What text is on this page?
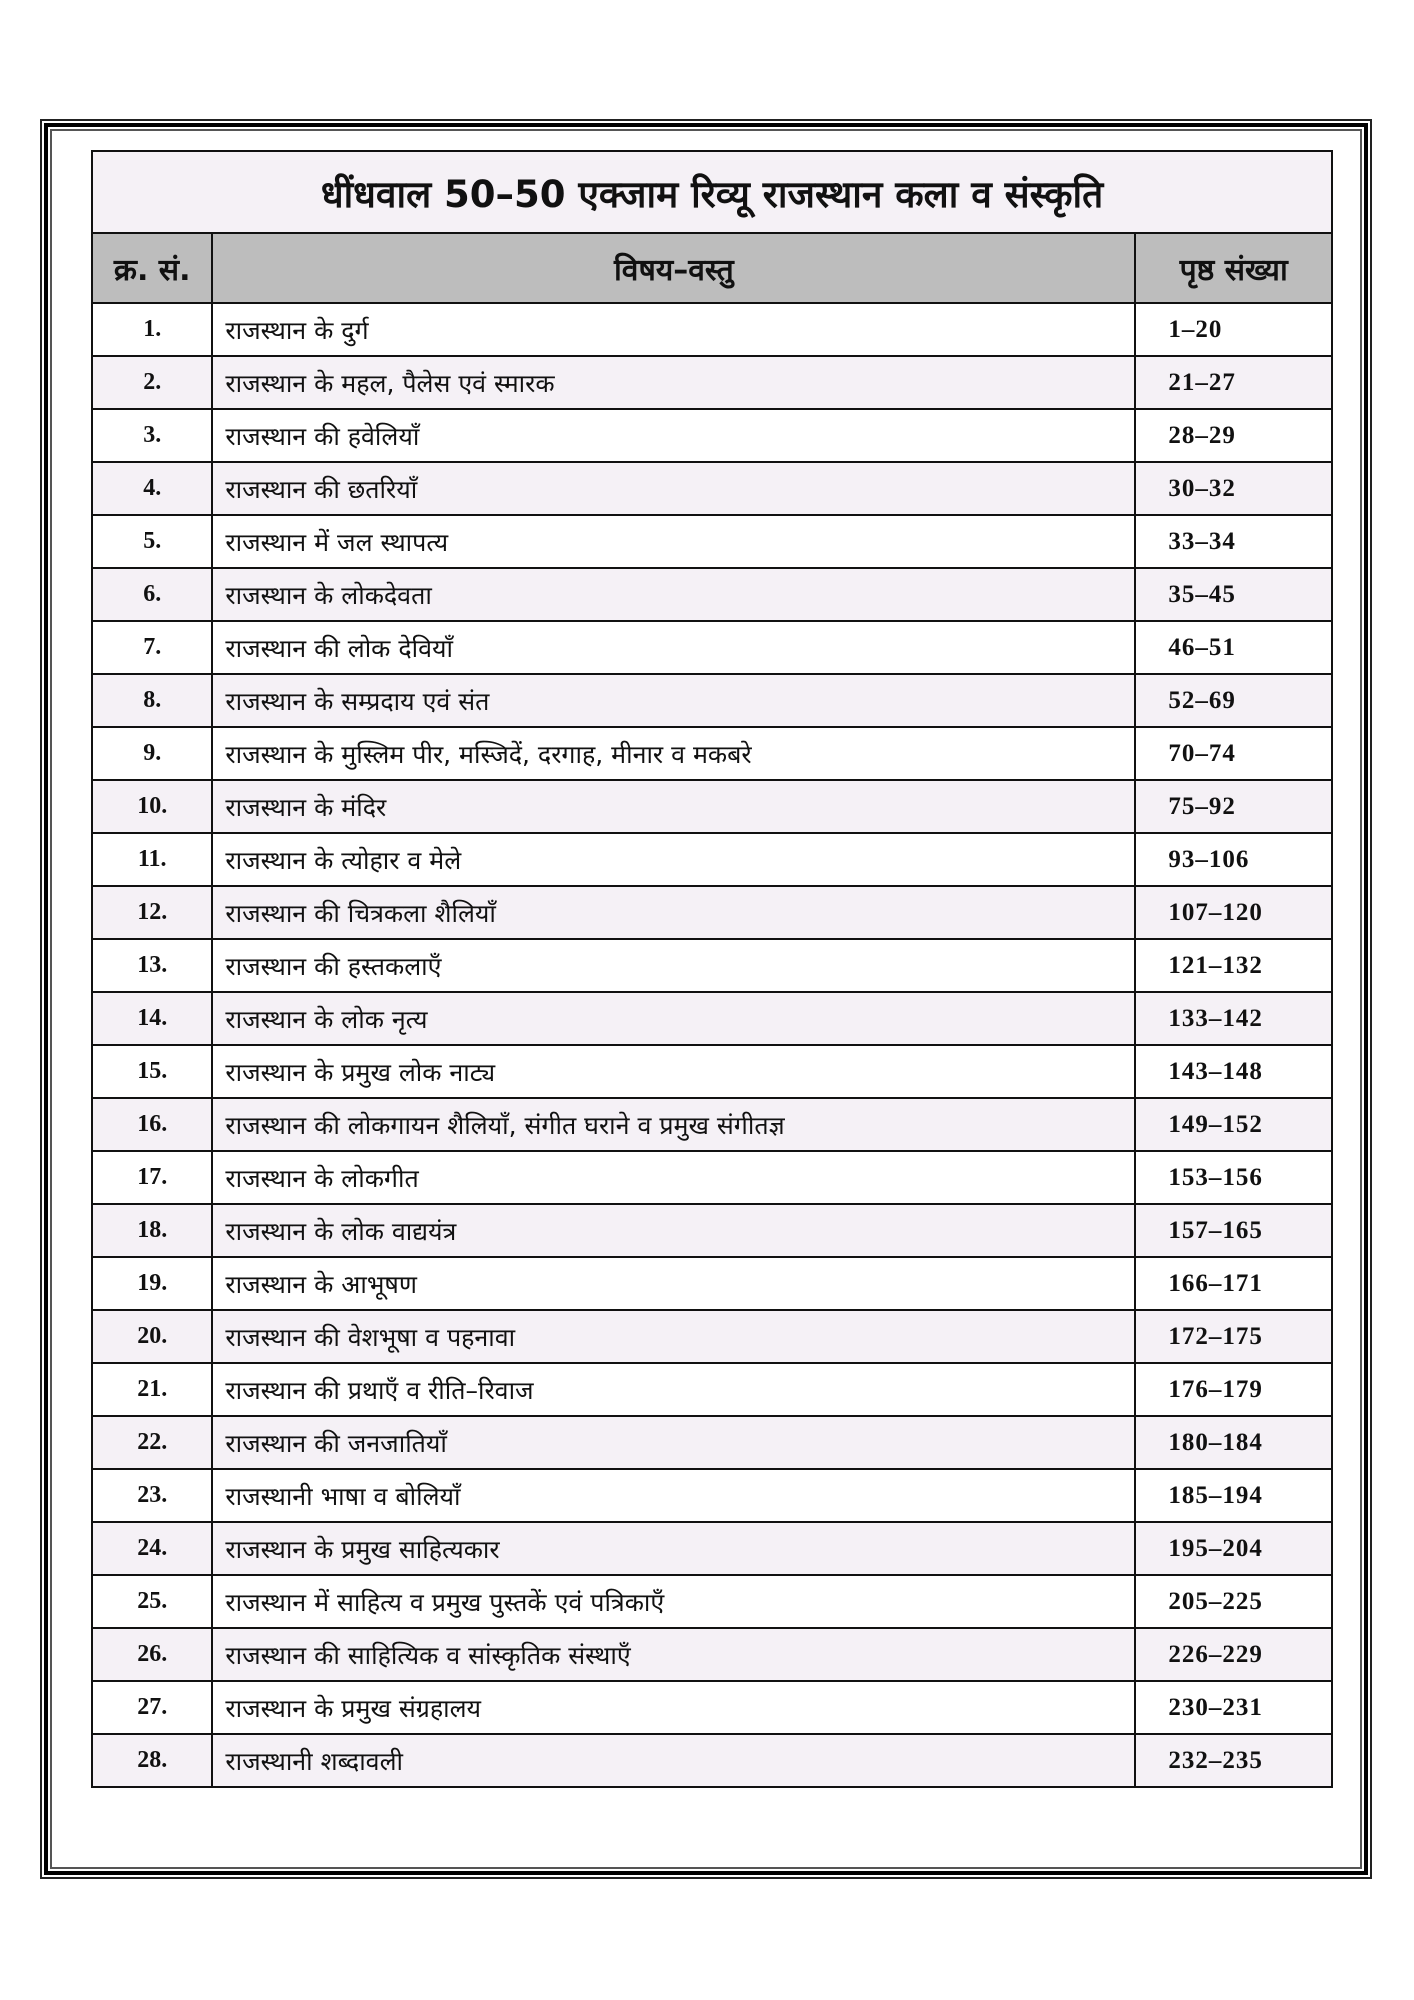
धींधवाल 50–50 एक्जाम रिव्यू राजस्थान कला व संस्कृति		
क्र. सं.	विषय–वस्तु	पृष्ठ संख्या
1.	राजस्थान के दुर्ग	1–20
2.	राजस्थान के महल, पैलेस एवं स्मारक	21–27
3.	राजस्थान की हवेलियाँ	28–29
4.	राजस्थान की छतरियाँ	30–32
5.	राजस्थान में जल स्थापत्य	33–34
6.	राजस्थान के लोकदेवता	35–45
7.	राजस्थान की लोक देवियाँ	46–51
8.	राजस्थान के सम्प्रदाय एवं संत	52–69
9.	राजस्थान के मुस्लिम पीर, मस्जिदें, दरगाह, मीनार व मकबरे	70–74
10.	राजस्थान के मंदिर	75–92
11.	राजस्थान के त्योहार व मेले	93–106
12.	राजस्थान की चित्रकला शैलियाँ	107–120
13.	राजस्थान की हस्तकलाएँ	121–132
14.	राजस्थान के लोक नृत्य	133–142
15.	राजस्थान के प्रमुख लोक नाट्य	143–148
16.	राजस्थान की लोकगायन शैलियाँ, संगीत घराने व प्रमुख संगीतज्ञ	149–152
17.	राजस्थान के लोकगीत	153–156
18.	राजस्थान के लोक वाद्ययंत्र	157–165
19.	राजस्थान के आभूषण	166–171
20.	राजस्थान की वेशभूषा व पहनावा	172–175
21.	राजस्थान की प्रथाएँ व रीति–रिवाज	176–179
22.	राजस्थान की जनजातियाँ	180–184
23.	राजस्थानी भाषा व बोलियाँ	185–194
24.	राजस्थान के प्रमुख साहित्यकार	195–204
25.	राजस्थान में साहित्य व प्रमुख पुस्तकें एवं पत्रिकाएँ	205–225
26.	राजस्थान की साहित्यिक व सांस्कृतिक संस्थाएँ	226–229
27.	राजस्थान के प्रमुख संग्रहालय	230–231
28.	राजस्थानी शब्दावली	232–235
